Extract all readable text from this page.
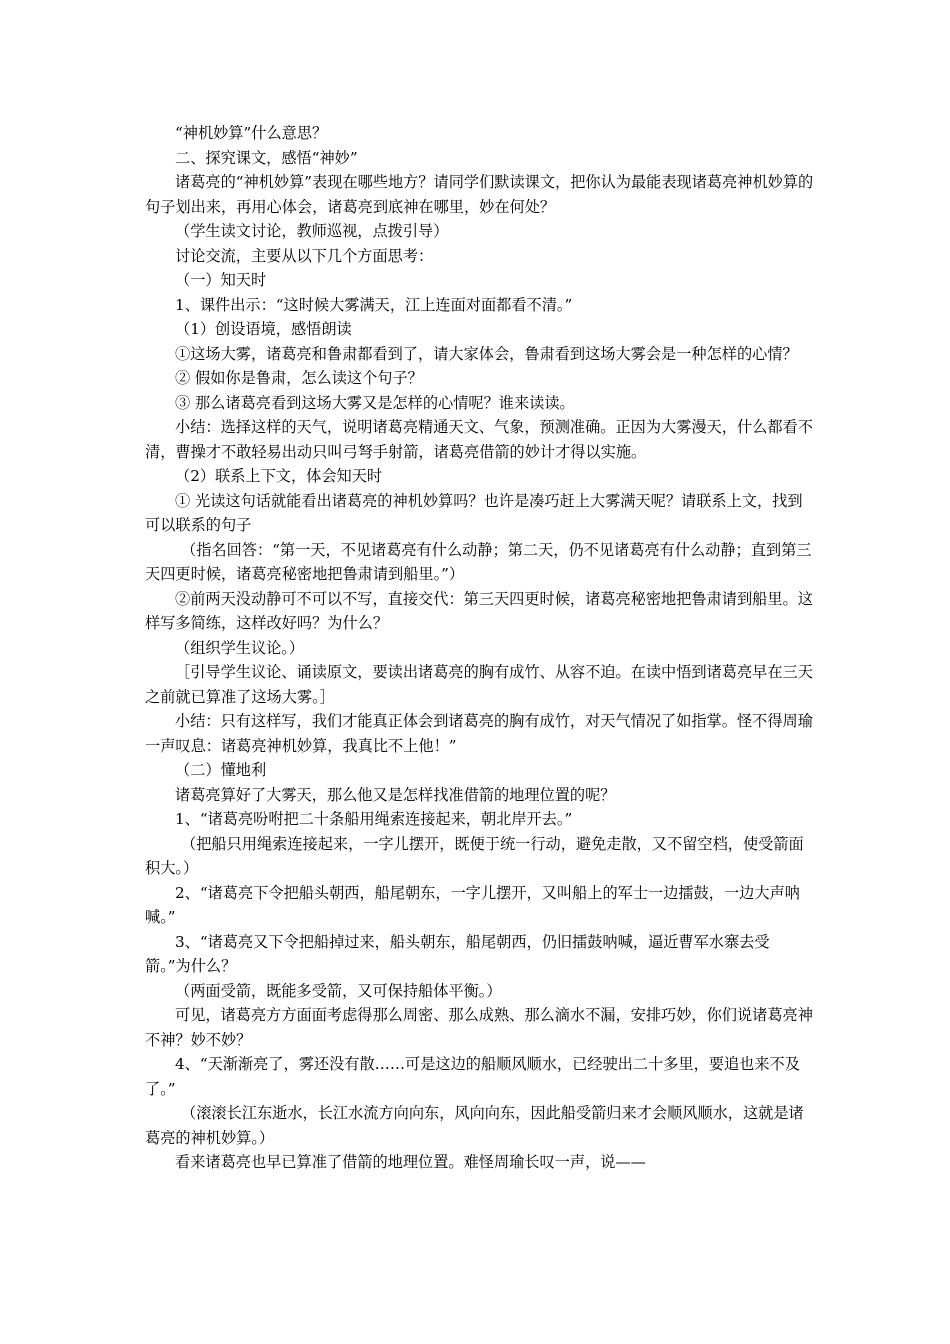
“神机妙算”什么意思？

二、探究课文，感悟“神妙”

诸葛亮的“神机妙算”表现在哪些地方？请同学们默读课文，把你认为最能表现诸葛亮神机妙算的句子划出来，再用心体会，诸葛亮到底神在哪里，妙在何处？

（学生读文讨论，教师巡视，点拨引导）

讨论交流，主要从以下几个方面思考：

（一）知天时

1、课件出示：“这时候大雾满天，江上连面对面都看不清。”

（1）创设语境，感悟朗读

①这场大雾，诸葛亮和鲁肃都看到了，请大家体会，鲁肃看到这场大雾会是一种怎样的心情？

② 假如你是鲁肃，怎么读这个句子？

③ 那么诸葛亮看到这场大雾又是怎样的心情呢？谁来读读。

小结：选择这样的天气，说明诸葛亮精通天文、气象，预测准确。正因为大雾漫天，什么都看不清，曹操才不敢轻易出动只叫弓弩手射箭，诸葛亮借箭的妙计才得以实施。

（2）联系上下文，体会知天时

① 光读这句话就能看出诸葛亮的神机妙算吗？也许是凑巧赶上大雾满天呢？请联系上文，找到可以联系的句子

（指名回答：“第一天，不见诸葛亮有什么动静；第二天，仍不见诸葛亮有什么动静；直到第三天四更时候，诸葛亮秘密地把鲁肃请到船里。”）

②前两天没动静可不可以不写，直接交代：第三天四更时候，诸葛亮秘密地把鲁肃请到船里。这样写多简练，这样改好吗？为什么？

（组织学生议论。）

［引导学生议论、诵读原文，要读出诸葛亮的胸有成竹、从容不迫。在读中悟到诸葛亮早在三天之前就已算准了这场大雾。］

小结：只有这样写，我们才能真正体会到诸葛亮的胸有成竹，对天气情况了如指掌。怪不得周瑜一声叹息：诸葛亮神机妙算，我真比不上他！”

（二）懂地利

诸葛亮算好了大雾天，那么他又是怎样找准借箭的地理位置的呢？

1、“诸葛亮吩咐把二十条船用绳索连接起来，朝北岸开去。”

（把船只用绳索连接起来，一字儿摆开，既便于统一行动，避免走散，又不留空档，使受箭面积大。）

2、“诸葛亮下令把船头朝西，船尾朝东，一字儿摆开，又叫船上的军士一边擂鼓，一边大声呐喊。”

3、“诸葛亮又下令把船掉过来，船头朝东，船尾朝西，仍旧擂鼓呐喊，逼近曹军水寨去受箭。”为什么？

（两面受箭，既能多受箭，又可保持船体平衡。）

可见，诸葛亮方方面面考虑得那么周密、那么成熟、那么滴水不漏，安排巧妙，你们说诸葛亮神不神？妙不妙？

4、“天渐渐亮了，雾还没有散……可是这边的船顺风顺水，已经驶出二十多里，要追也来不及了。”

（滚滚长江东逝水，长江水流方向向东，风向向东，因此船受箭归来才会顺风顺水，这就是诸葛亮的神机妙算。）

看来诸葛亮也早已算准了借箭的地理位置。难怪周瑜长叹一声，说——
